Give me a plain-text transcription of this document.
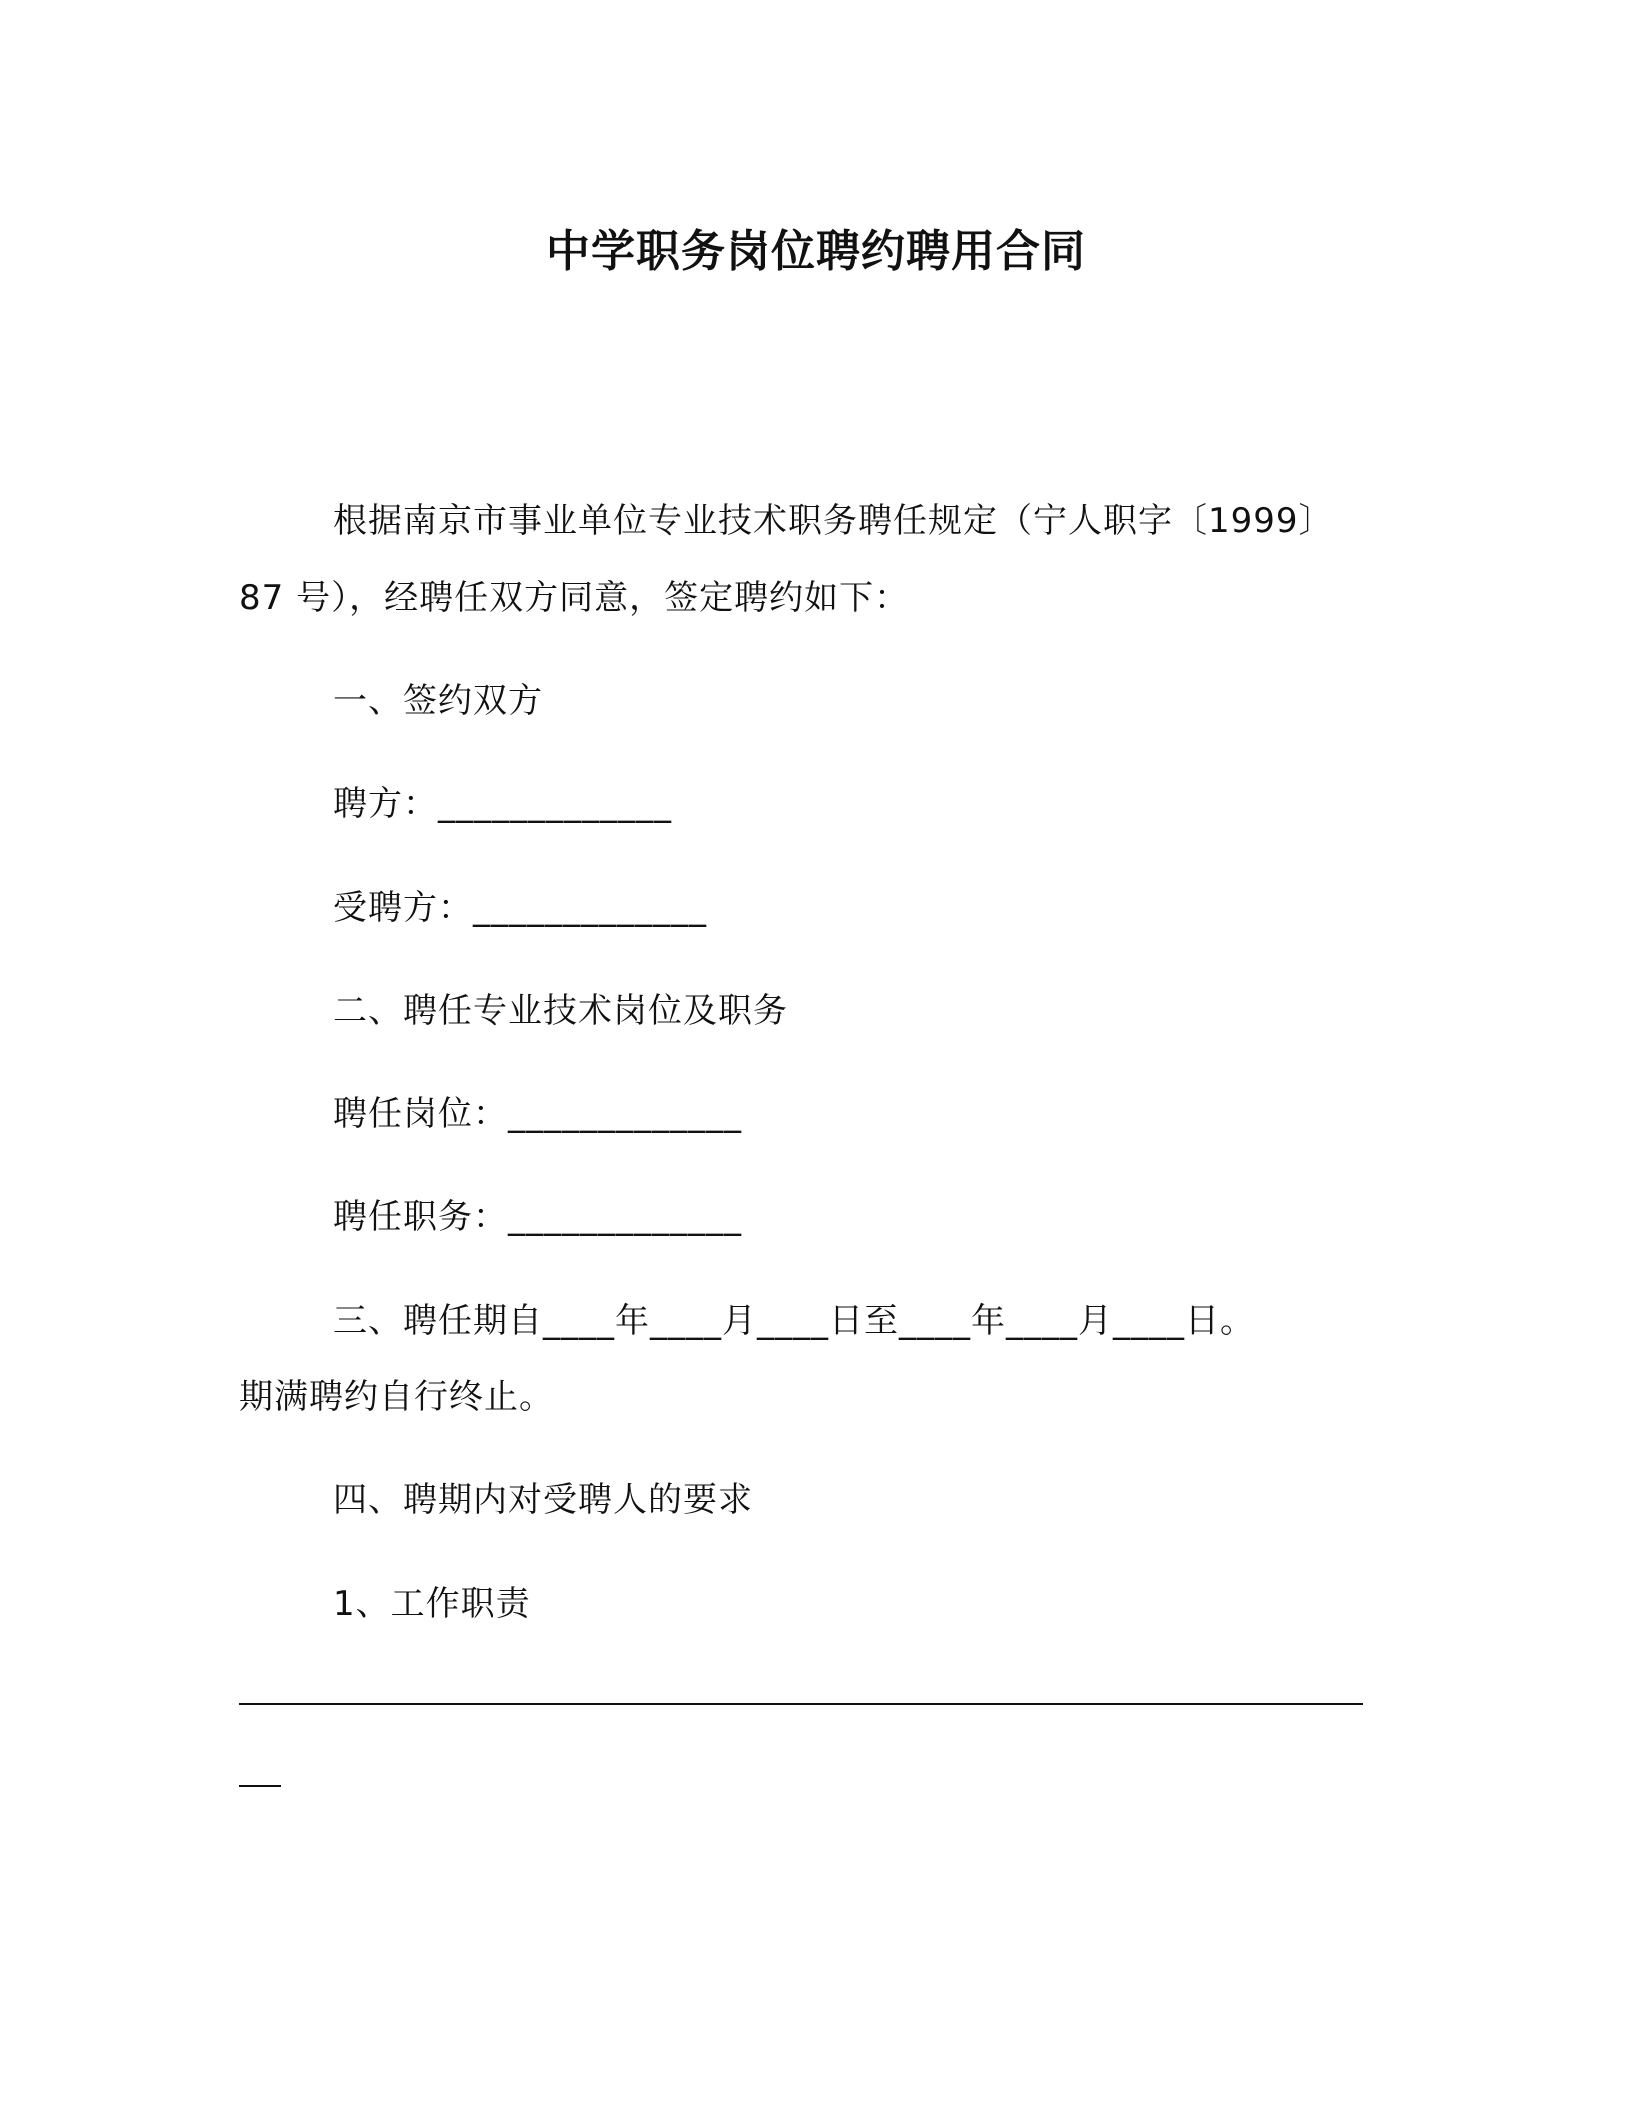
中学职务岗位聘约聘用合同
根据南京市事业单位专业技术职务聘任规定（宁人职字〔1999〕
87 号），经聘任双方同意，签定聘约如下：
一、签约双方
聘方：_____________
受聘方：_____________
二、聘任专业技术岗位及职务
聘任岗位：_____________
聘任职务：_____________
三、聘任期自____年____月____日至____年____月____日。
期满聘约自行终止。
四、聘期内对受聘人的要求
1、工作职责
